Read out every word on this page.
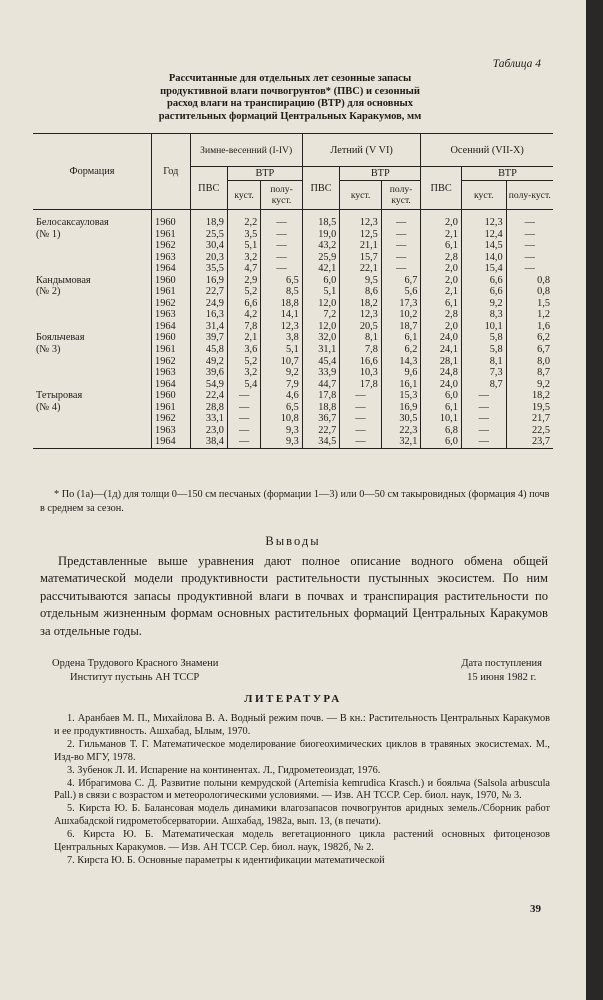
Таблица 4
Рассчитанные для отдельных лет сезонные запасы
продуктивной влаги почвогрунтов* (ПВС) и сезонный
расход влаги на транспирацию (ВТР) для основных
растительных формаций Центральных Каракумов, мм
Формация	Год	Зимне-весенний (I-IV)			Летний (V VI)			Осенний (VII-X)		
		ПВС	ВТР		ПВС	ВТР		ПВС	ВТР	
			куст.	полу-куст.		куст.	полу-куст.		куст.	полу-куст.
Белосаксауловая	1960	18,9	2,2	—	18,5	12,3	—	2,0	12,3	—
(№ 1)	1961	25,5	3,5	—	19,0	12,5	—	2,1	12,4	—
	1962	30,4	5,1	—	43,2	21,1	—	6,1	14,5	—
	1963	20,3	3,2	—	25,9	15,7	—	2,8	14,0	—
	1964	35,5	4,7	—	42,1	22,1	—	2,0	15,4	—
Кандымовая	1960	16,9	2,9	6,5	6,0	9,5	6,7	2,0	6,6	0,8
(№ 2)	1961	22,7	5,2	8,5	5,1	8,6	5,6	2,1	6,6	0,8
	1962	24,9	6,6	18,8	12,0	18,2	17,3	6,1	9,2	1,5
	1963	16,3	4,2	14,1	7,2	12,3	10,2	2,8	8,3	1,2
	1964	31,4	7,8	12,3	12,0	20,5	18,7	2,0	10,1	1,6
Бояльчевая	1960	39,7	2,1	3,8	32,0	8,1	6,1	24,0	5,8	6,2
(№ 3)	1961	45,8	3,6	5,1	31,1	7,8	6,2	24,1	5,8	6,7
	1962	49,2	5,2	10,7	45,4	16,6	14,3	28,1	8,1	8,0
	1963	39,6	3,2	9,2	33,9	10,3	9,6	24,8	7,3	8,7
	1964	54,9	5,4	7,9	44,7	17,8	16,1	24,0	8,7	9,2
Тетыровая	1960	22,4	—	4,6	17,8	—	15,3	6,0	—	18,2
(№ 4)	1961	28,8	—	6,5	18,8	—	16,9	6,1	—	19,5
	1962	33,1	—	10,8	36,7	—	30,5	10,1	—	21,7
	1963	23,0	—	9,3	22,7	—	22,3	6,8	—	22,5
	1964	38,4	—	9,3	34,5	—	32,1	6,0	—	23,7
* По (1а)—(1д) для толщи 0—150 см песчаных (формации 1—3) или 0—50 см такыровидных (формация 4) почв в среднем за сезон.
Выводы
Представленные выше уравнения дают полное описание водного обмена общей математической модели продуктивности растительности пустынных экосистем. По ним рассчитываются запасы продуктивной влаги в почвах и транспирация растительности по отдельным жизненным формам основных растительных формаций Центральных Каракумов за отдельные годы.
Ордена Трудового Красного Знамени
Институт пустынь АН ТССР
Дата поступления
15 июня 1982 г.
ЛИТЕРАТУРА

1. Аранбаев М. П., Михайлова В. А. Водный режим почв. — В кн.: Растительность Центральных Каракумов и ее продуктивность. Ашхабад, Ылым, 1970.

2. Гильманов Т. Г. Математическое моделирование биогеохимических циклов в травяных экосистемах. М., Изд-во МГУ, 1978.

3. Зубенок Л. И. Испарение на континентах. Л., Гидрометеоиздат, 1976.

4. Ибрагимова С. Д. Развитие полыни кемрудской (Artemisia kemrudica Krasch.) и бояльча (Salsola arbuscula Pall.) в связи с возрастом и метеорологическими условиями. — Изв. АН ТССР. Сер. биол. наук, 1970, № 3.

5. Кирста Ю. Б. Балансовая модель динамики влагозапасов почвогрунтов аридных земель./Сборник работ Ашхабадской гидрометобсерватории. Ашхабад, 1982а, вып. 13, (в печати).

6. Кирста Ю. Б. Математическая модель вегетационного цикла растений основных фитоценозов Центральных Каракумов. — Изв. АН ТССР. Сер. биол. наук, 1982б, № 2.

7. Кирста Ю. Б. Основные параметры к идентификации математической

39
